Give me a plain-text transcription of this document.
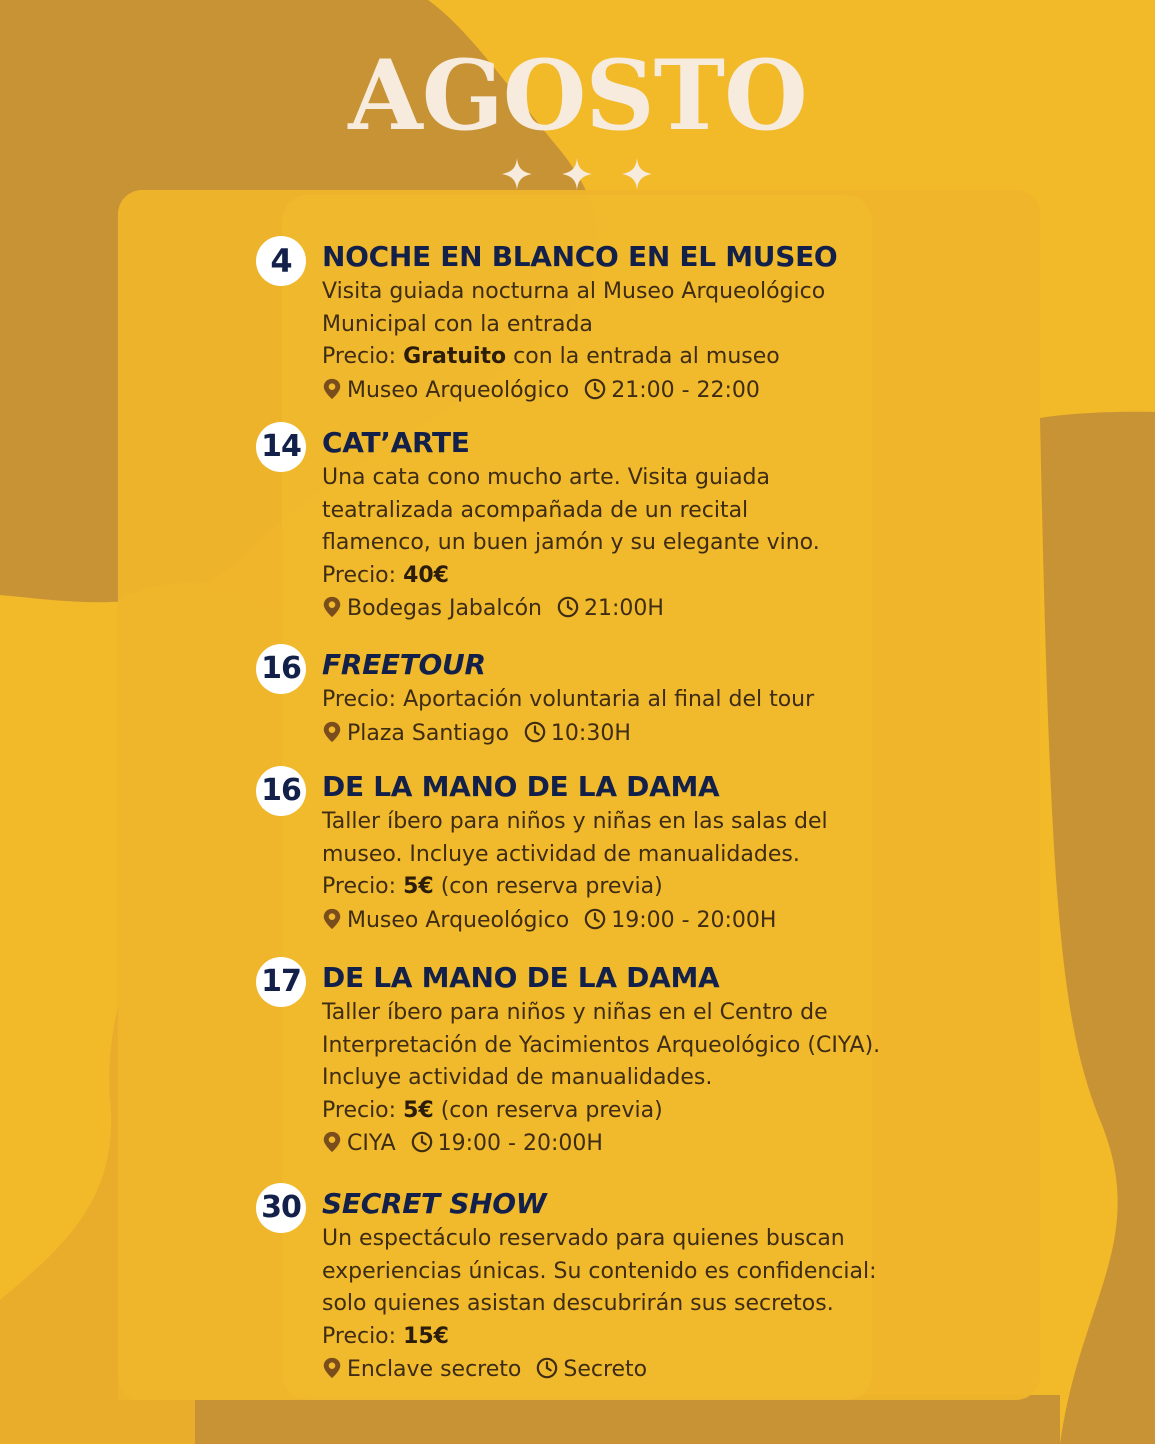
AGOSTO
4	NOCHE EN BLANCO EN EL MUSEO
Visita guiada nocturna al Museo Arqueológico
Municipal con la entrada
Precio: Gratuito con la entrada al museo
Museo Arqueológico 21:00 - 22:00
14 CAT’ARTE
Una cata cono mucho arte. Visita guiada
teatralizada acompañada de un recital
flamenco, un buen jamón y su elegante vino.
Precio: 40€
Bodegas Jabalcón 21:00H
16 FREETOUR
Precio: Aportación voluntaria al final del tour
Plaza Santiago 10:30H
16 DE LA MANO DE LA DAMA
Taller íbero para niños y niñas en las salas del
museo. Incluye actividad de manualidades.
Precio: 5€ (con reserva previa)
Museo Arqueológico 19:00 - 20:00H
17 DE LA MANO DE LA DAMA
Taller íbero para niños y niñas en el Centro de
Interpretación de Yacimientos Arqueológico (CIYA).
Incluye actividad de manualidades.
Precio: 5€ (con reserva previa)
CIYA 19:00 - 20:00H
30 SECRET SHOW
Un espectáculo reservado para quienes buscan
experiencias únicas. Su contenido es confidencial:
solo quienes asistan descubrirán sus secretos.
Precio: 15€
Enclave secreto Secreto
